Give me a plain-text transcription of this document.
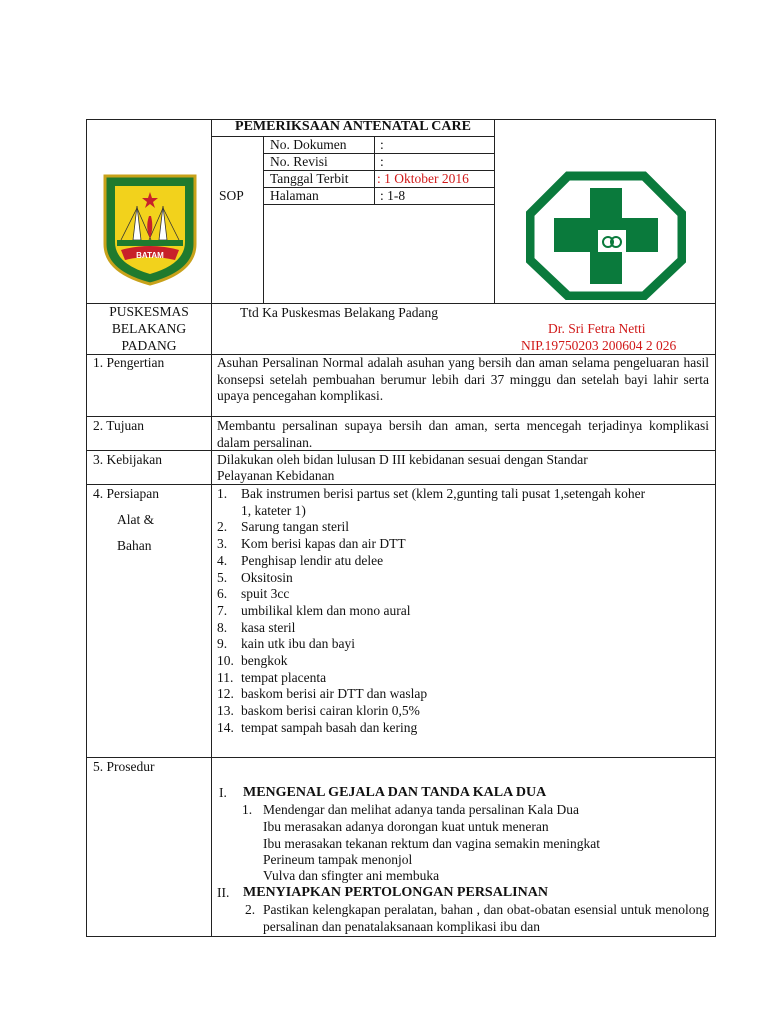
PEMERIKSAAN ANTENATAL CARE
SOP
No. Dokumen :
No. Revisi	:
Tanggal Terbit : 1 Oktober 2016
Halaman	: 1-8
BATAM
PUSKESMAS
BELAKANG
PADANG
Ttd Ka Puskesmas Belakang Padang
Dr. Sri Fetra Netti
NIP.19750203 200604 2 026
1. Pengertian	Asuhan Persalinan Normal adalah asuhan yang bersih dan aman selama pengeluaran hasil konsepsi setelah pembuahan berumur lebih dari 37 minggu dan setelah bayi lahir serta upaya pencegahan komplikasi.
2. Tujuan	Membantu persalinan supaya bersih dan aman, serta mencegah terjadinya komplikasi dalam persalinan.
3. Kebijakan	Dilakukan oleh bidan lulusan D III kebidanan sesuai dengan Standar
Pelayanan Kebidanan
4. Persiapan
Alat &
Bahan
1. Bak instrumen berisi partus set (klem 2,gunting tali pusat 1,setengah koher
1, kateter 1)
2. Sarung tangan steril
3. Kom berisi kapas dan air DTT
4. Penghisap lendir atu delee
5. Oksitosin
6. spuit 3cc
7. umbilikal klem dan mono aural
8. kasa steril
9. kain utk ibu dan bayi
10. bengkok
11. tempat placenta
12. baskom berisi air DTT dan waslap
13. baskom berisi cairan klorin 0,5%
14. tempat sampah basah dan kering
5. Prosedur
I. MENGENAL GEJALA DAN TANDA KALA DUA
1. Mendengar dan melihat adanya tanda persalinan Kala Dua
Ibu merasakan adanya dorongan kuat untuk meneran
Ibu merasakan tekanan rektum dan vagina semakin meningkat
Perineum tampak menonjol
Vulva dan sfingter ani membuka
II. MENYIAPKAN PERTOLONGAN PERSALINAN
2. Pastikan kelengkapan peralatan, bahan , dan obat-obatan esensial untuk menolong persalinan dan penatalaksanaan komplikasi ibu dan
